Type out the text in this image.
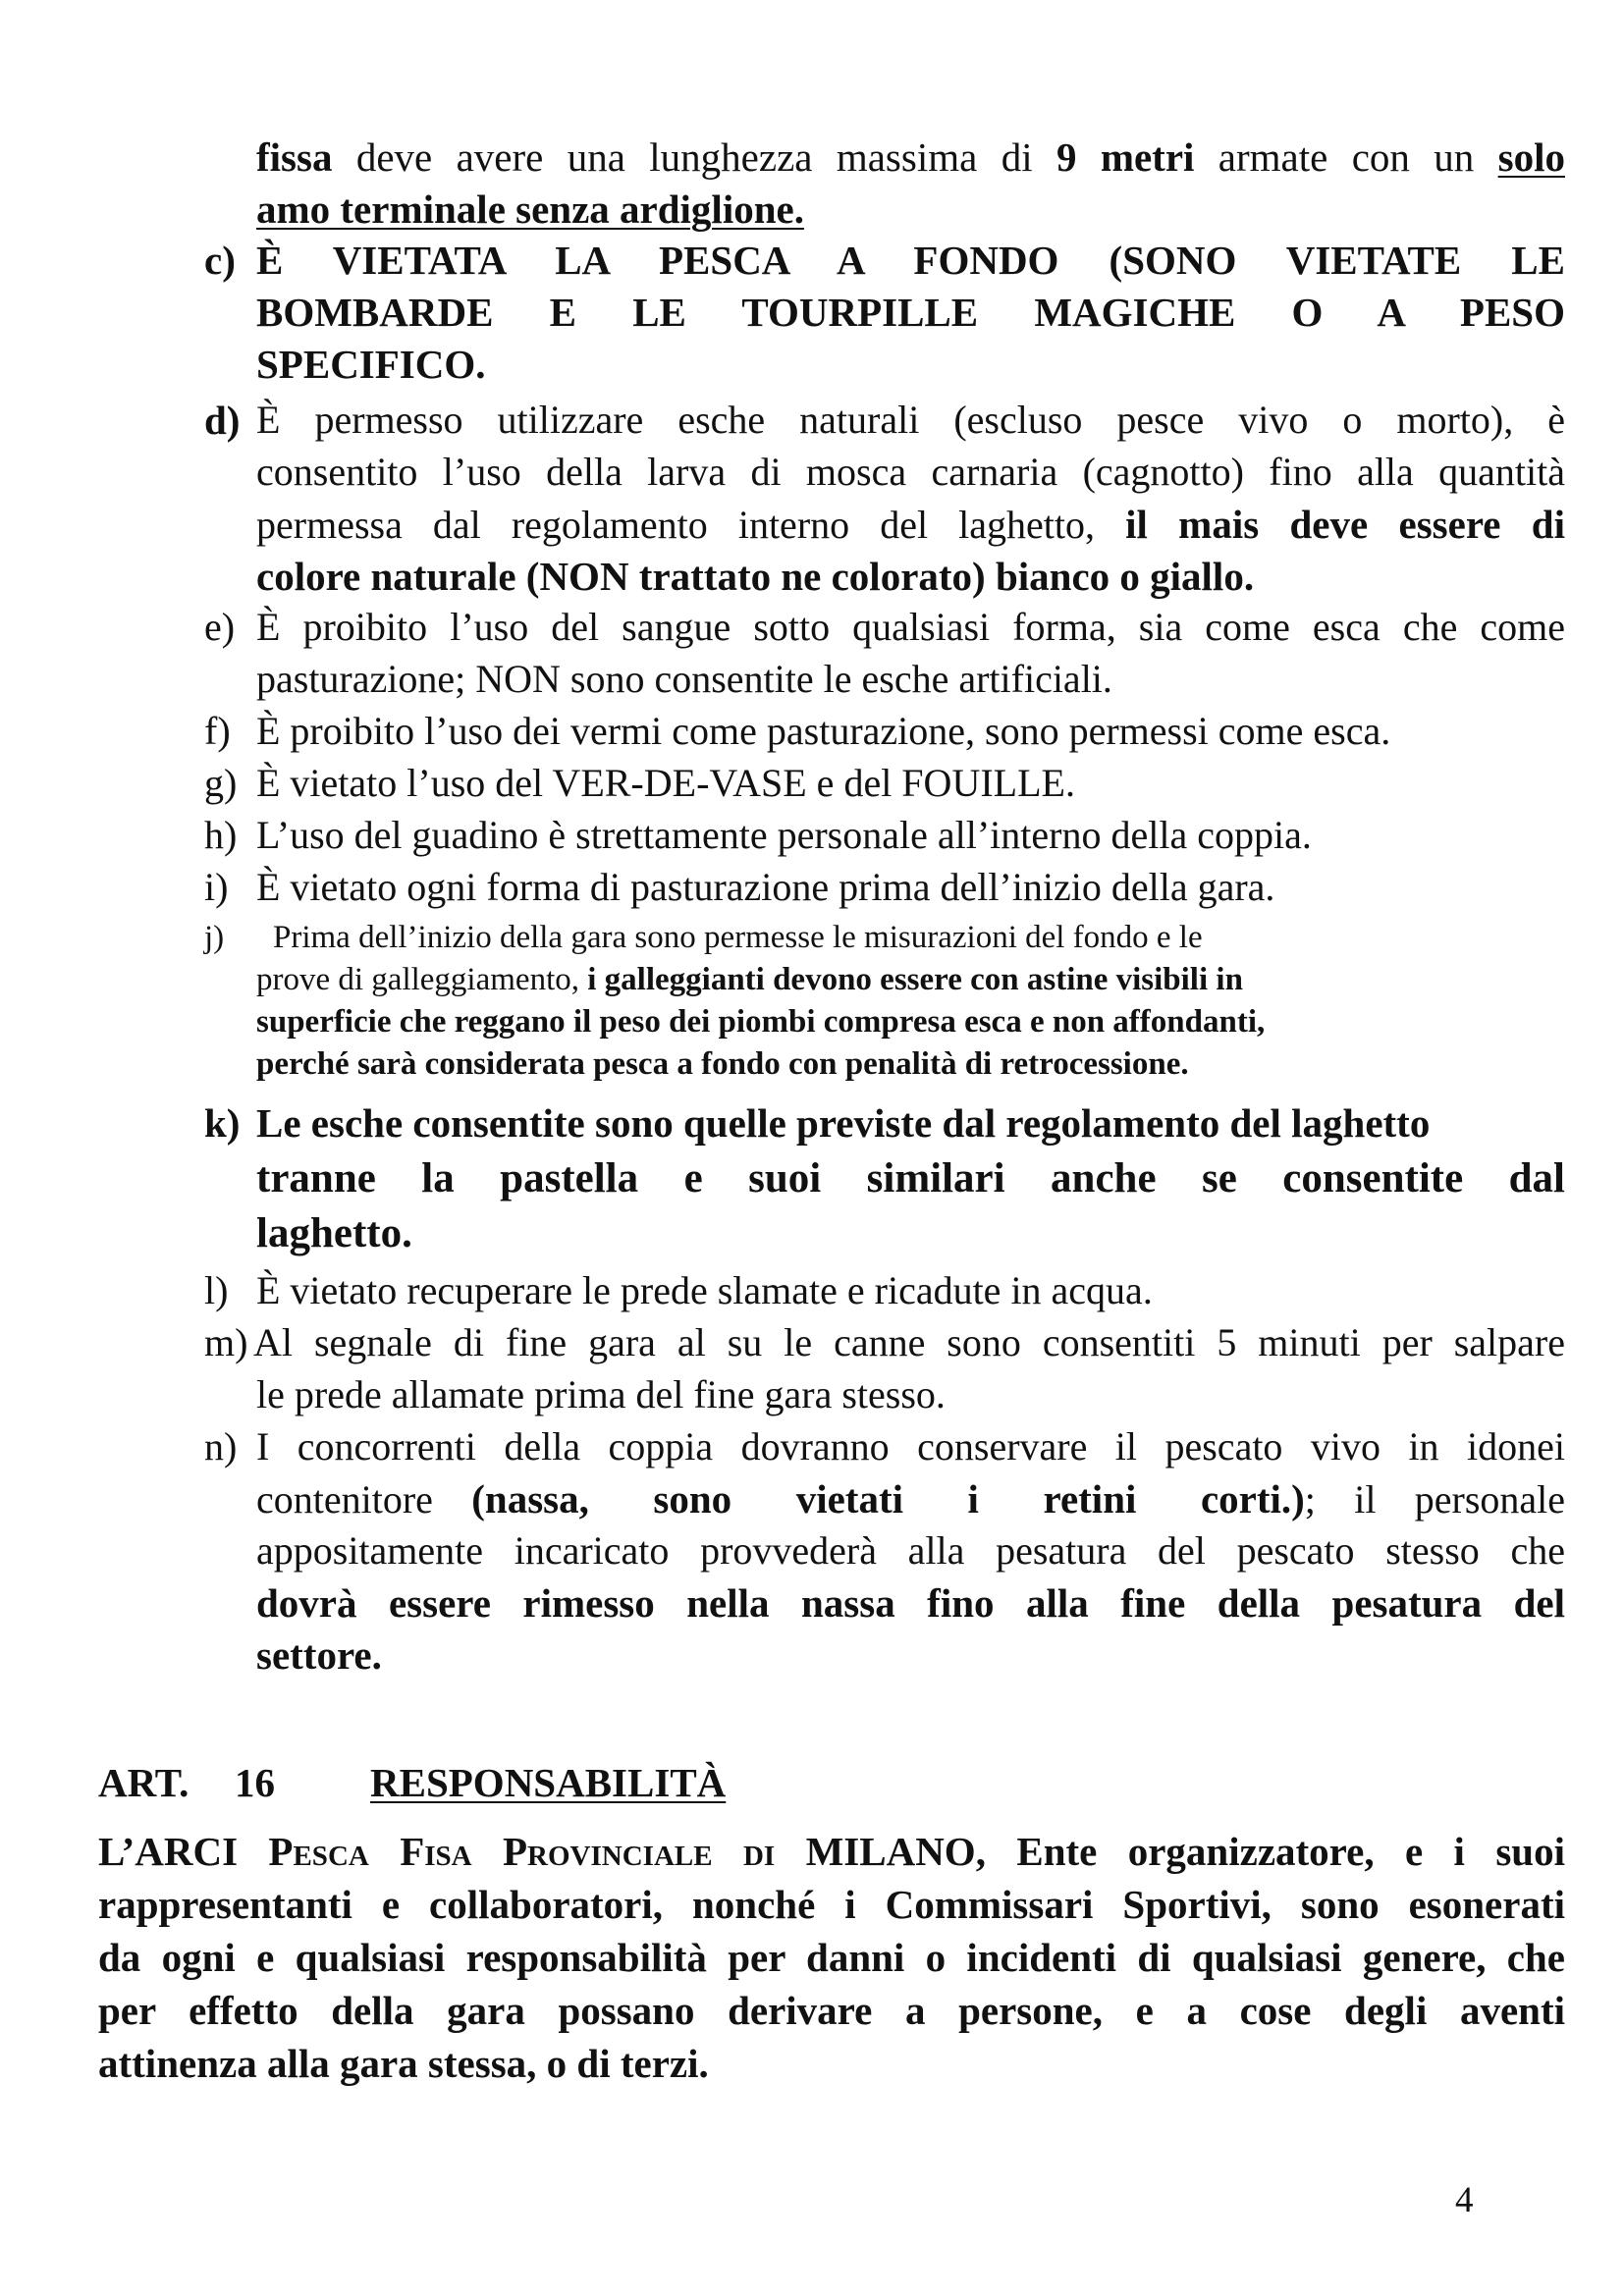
fissa deve avere una lunghezza massima di 9 metri armate con un solo
amo terminale senza ardiglione.
c) È VIETATA LA PESCA A FONDO (SONO VIETATE LE
BOMBARDE E LE TOURPILLE MAGICHE O A PESO
SPECIFICO.
d) È permesso utilizzare esche naturali (escluso pesce vivo o morto), è
consentito l’uso della larva di mosca carnaria (cagnotto) fino alla quantità
permessa dal regolamento interno del laghetto, il mais deve essere di
colore naturale (NON trattato ne colorato) bianco o giallo.
e) È proibito l’uso del sangue sotto qualsiasi forma, sia come esca che come
pasturazione; NON sono consentite le esche artificiali.
f) È proibito l’uso dei vermi come pasturazione, sono permessi come esca.
g) È vietato l’uso del VER-DE-VASE e del FOUILLE.
h) L’uso del guadino è strettamente personale all’interno della coppia.
i) È vietato ogni forma di pasturazione prima dell’inizio della gara.
j) Prima dell’inizio della gara sono permesse le misurazioni del fondo e le
prove di galleggiamento, i galleggianti devono essere con astine visibili in
superficie che reggano il peso dei piombi compresa esca e non affondanti,
perché sarà considerata pesca a fondo con penalità di retrocessione.
k) Le esche consentite sono quelle previste dal regolamento del laghetto
tranne la pastella e suoi similari anche se consentite dal
laghetto.
l) È vietato recuperare le prede slamate e ricadute in acqua.
m) Al segnale di fine gara al su le canne sono consentiti 5 minuti per salpare
le prede allamate prima del fine gara stesso.
n) I concorrenti della coppia dovranno conservare il pescato vivo in idonei
contenitore (nassa, sono vietati i retini corti.); il personale
appositamente incaricato provvederà alla pesatura del pescato stesso che
dovrà essere rimesso nella nassa fino alla fine della pesatura del
settore.
ART. 16 RESPONSABILITÀ
L’ARCI Pesca Fisa Provinciale di MILANO, Ente organizzatore, e i suoi
rappresentanti e collaboratori, nonché i Commissari Sportivi, sono esonerati
da ogni e qualsiasi responsabilità per danni o incidenti di qualsiasi genere, che
per effetto della gara possano derivare a persone, e a cose degli aventi
attinenza alla gara stessa, o di terzi.
4
